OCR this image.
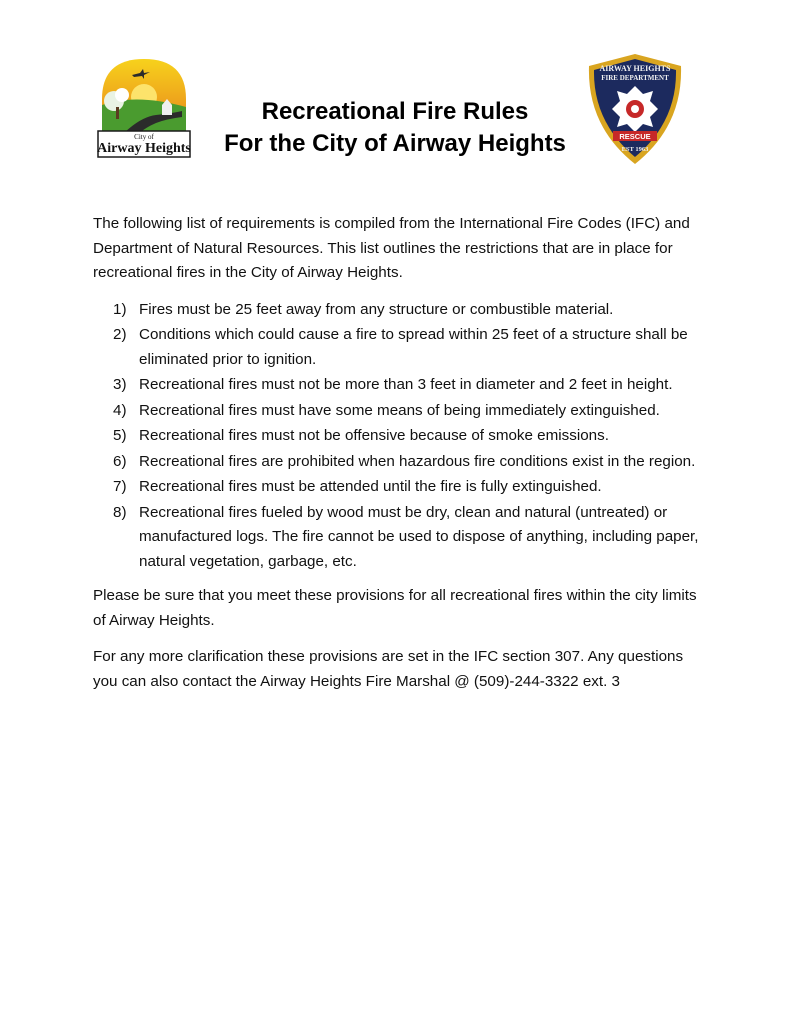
City of
Airway Heights
AIRWAY HEIGHTS
FIRE DEPARTMENT
RESCUE
EST 1963
Recreational Fire Rules
For the City of Airway Heights

The following list of requirements is compiled from the International Fire Codes (IFC) and Department of Natural Resources. This list outlines the restrictions that are in place for recreational fires in the City of Airway Heights.

1) Fires must be 25 feet away from any structure or combustible material.
2) Conditions which could cause a fire to spread within 25 feet of a structure shall be eliminated prior to ignition.
3) Recreational fires must not be more than 3 feet in diameter and 2 feet in height.
4) Recreational fires must have some means of being immediately extinguished.
5) Recreational fires must not be offensive because of smoke emissions.
6) Recreational fires are prohibited when hazardous fire conditions exist in the region.
7) Recreational fires must be attended until the fire is fully extinguished.
8) Recreational fires fueled by wood must be dry, clean and natural (untreated) or manufactured logs. The fire cannot be used to dispose of anything, including paper, natural vegetation, garbage, etc.

Please be sure that you meet these provisions for all recreational fires within the city limits of Airway Heights.

For any more clarification these provisions are set in the IFC section 307. Any questions you can also contact the Airway Heights Fire Marshal @ (509)-244-3322 ext. 3
